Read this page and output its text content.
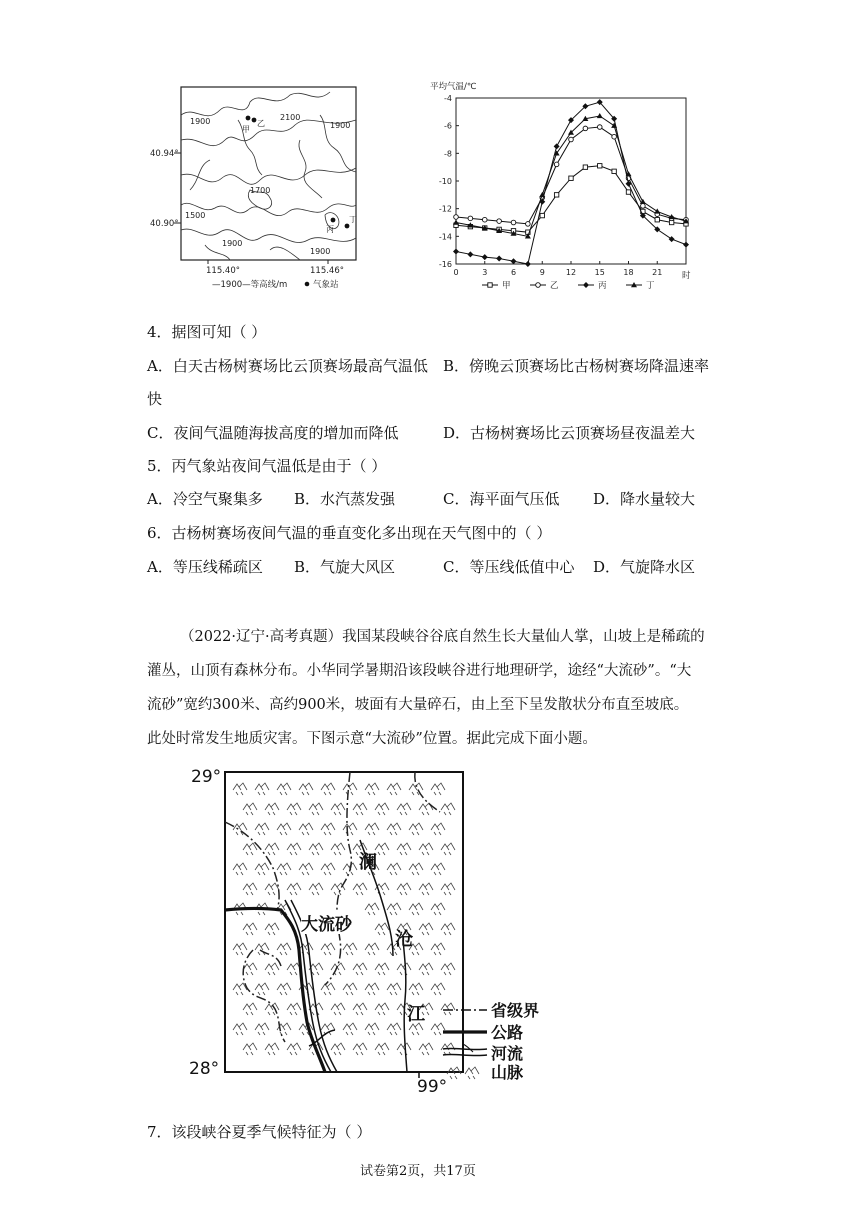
1900	2100
1900
1700
1500
1900
1900
甲
乙
丙
丁
40.94°
40.90°
115.40°	115.46°
—1900—等高线/m	气象站
平均气温/℃
时
0	3	6	9	12 15 18 21
-4
-6
-8
-10
-12
-14
-16
甲	乙	丙	丁
4．据图可知（ ）
A．白天古杨树赛场比云顶赛场最高气温低 B．傍晚云顶赛场比古杨树赛场降温速率
快
C．夜间气温随海拔高度的增加而降低	D．古杨树赛场比云顶赛场昼夜温差大
5．丙气象站夜间气温低是由于（ ）
A．冷空气聚集多 B．水汽蒸发强	C．海平面气压低 D．降水量较大
6．古杨树赛场夜间气温的垂直变化多出现在天气图中的（ ）
A．等压线稀疏区 B．气旋大风区	C．等压线低值中心 D．气旋降水区
（2022·辽宁·高考真题）我国某段峡谷谷底自然生长大量仙人掌，山坡上是稀疏的
灌丛，山顶有森林分布。小华同学暑期沿该段峡谷进行地理研学，途经“大流砂”。“大
流砂”宽约300米、高约900米，坡面有大量碎石，由上至下呈发散状分布直至坡底。
此处时常发生地质灾害。下图示意“大流砂”位置。据此完成下面小题。
澜
沧
江
大流砂
29°
28°
99°
省级界
公路
河流
山脉
7．该段峡谷夏季气候特征为（ ）
试卷第2页，共17页
